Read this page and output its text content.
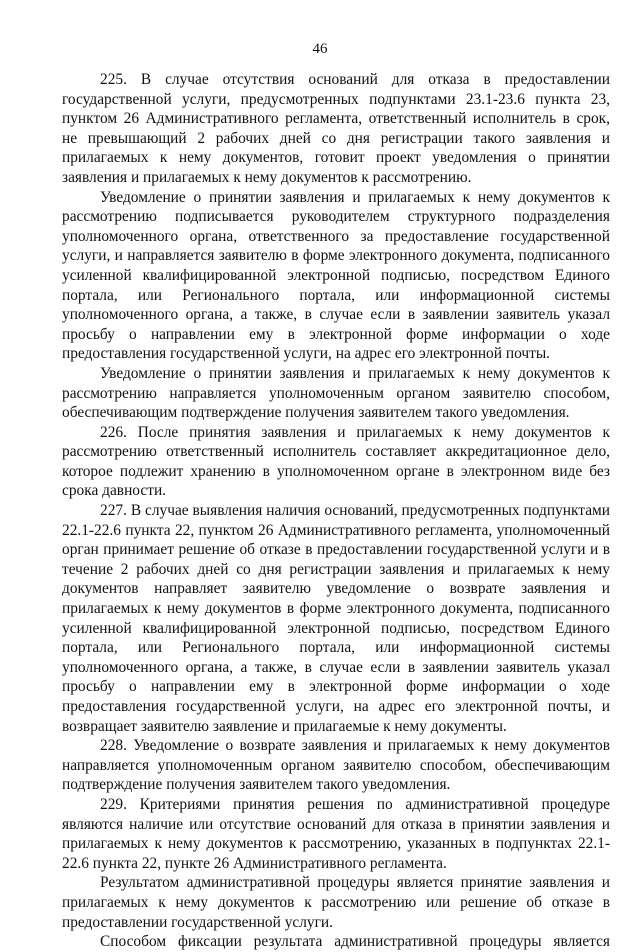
46

225. В случае отсутствия оснований для отказа в предоставлении государственной услуги, предусмотренных подпунктами 23.1-23.6 пункта 23, пунктом 26 Административного регламента, ответственный исполнитель в срок, не превышающий 2 рабочих дней со дня регистрации такого заявления и прилагаемых к нему документов, готовит проект уведомления о принятии заявления и прилагаемых к нему документов к рассмотрению.

Уведомление о принятии заявления и прилагаемых к нему документов к рассмотрению подписывается руководителем структурного подразделения уполномоченного органа, ответственного за предоставление государственной услуги, и направляется заявителю в форме электронного документа, подписанного усиленной квалифицированной электронной подписью, посредством Единого портала, или Регионального портала, или информационной системы уполномоченного органа, а также, в случае если в заявлении заявитель указал просьбу о направлении ему в электронной форме информации о ходе предоставления государственной услуги, на адрес его электронной почты.

Уведомление о принятии заявления и прилагаемых к нему документов к рассмотрению направляется уполномоченным органом заявителю способом, обеспечивающим подтверждение получения заявителем такого уведомления.

226. После принятия заявления и прилагаемых к нему документов к рассмотрению ответственный исполнитель составляет аккредитационное дело, которое подлежит хранению в уполномоченном органе в электронном виде без срока давности.

227. В случае выявления наличия оснований, предусмотренных подпунктами 22.1-22.6 пункта 22, пунктом 26 Административного регламента, уполномоченный орган принимает решение об отказе в предоставлении государственной услуги и в течение 2 рабочих дней со дня регистрации заявления и прилагаемых к нему документов направляет заявителю уведомление о возврате заявления и прилагаемых к нему документов в форме электронного документа, подписанного усиленной квалифицированной электронной подписью, посредством Единого портала, или Регионального портала, или информационной системы уполномоченного органа, а также, в случае если в заявлении заявитель указал просьбу о направлении ему в электронной форме информации о ходе предоставления государственной услуги, на адрес его электронной почты, и возвращает заявителю заявление и прилагаемые к нему документы.

228. Уведомление о возврате заявления и прилагаемых к нему документов направляется уполномоченным органом заявителю способом, обеспечивающим подтверждение получения заявителем такого уведомления.

229. Критериями принятия решения по административной процедуре являются наличие или отсутствие оснований для отказа в принятии заявления и прилагаемых к нему документов к рассмотрению, указанных в подпунктах 22.1-22.6 пункта 22, пункте 26 Административного регламента.

Результатом административной процедуры является принятие заявления и прилагаемых к нему документов к рассмотрению или решение об отказе в предоставлении государственной услуги.

Способом фиксации результата административной процедуры является
